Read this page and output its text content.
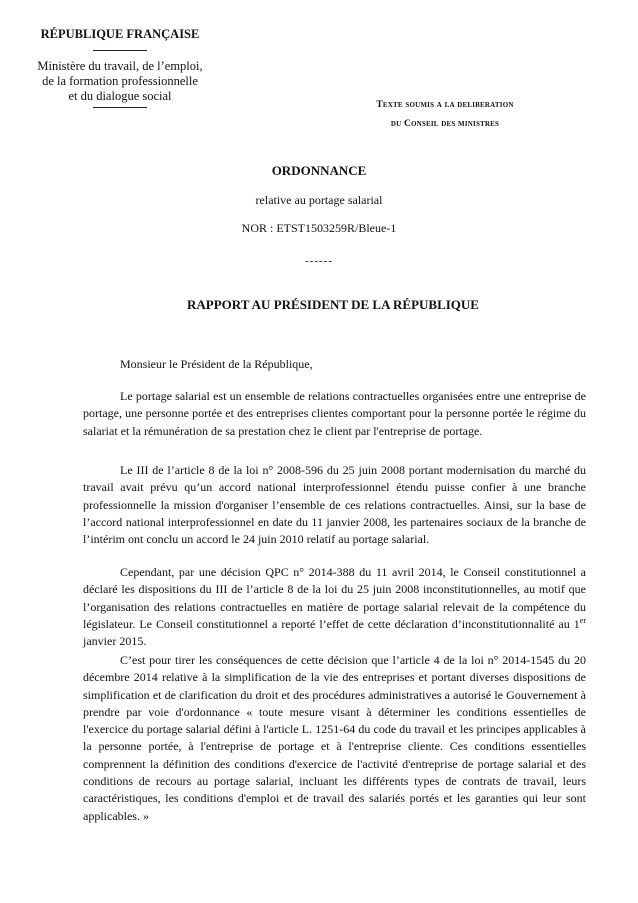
RÉPUBLIQUE FRANÇAISE
Ministère du travail, de l’emploi,
de la formation professionnelle
et du dialogue social
Texte soumis a la deliberation
du Conseil des ministres
ORDONNANCE
relative au portage salarial
NOR : ETST1503259R/Bleue-1
------
RAPPORT AU PRÉSIDENT DE LA RÉPUBLIQUE

Monsieur le Président de la République,

Le portage salarial est un ensemble de relations contractuelles organisées entre une entreprise de portage, une personne portée et des entreprises clientes comportant pour la personne portée le régime du salariat et la rémunération de sa prestation chez le client par l'entreprise de portage.

Le III de l’article 8 de la loi n° 2008-596 du 25 juin 2008 portant modernisation du marché du travail avait prévu qu’un accord national interprofessionnel étendu puisse confier à une branche professionnelle la mission d'organiser l’ensemble de ces relations contractuelles. Ainsi, sur la base de l’accord national interprofessionnel en date du 11 janvier 2008, les partenaires sociaux de la branche de l’intérim ont conclu un accord le 24 juin 2010 relatif au portage salarial.

Cependant, par une décision QPC n° 2014-388 du 11 avril 2014, le Conseil constitutionnel a déclaré les dispositions du III de l’article 8 de la loi du 25 juin 2008 inconstitutionnelles, au motif que l’organisation des relations contractuelles en matière de portage salarial relevait de la compétence du législateur. Le Conseil constitutionnel a reporté l’effet de cette déclaration d’inconstitutionnalité au 1er janvier 2015.

C’est pour tirer les conséquences de cette décision que l’article 4 de la loi n° 2014-1545 du 20 décembre 2014 relative à la simplification de la vie des entreprises et portant diverses dispositions de simplification et de clarification du droit et des procédures administratives a autorisé le Gouvernement à prendre par voie d'ordonnance « toute mesure visant à déterminer les conditions essentielles de l'exercice du portage salarial défini à l'article L. 1251-64 du code du travail et les principes applicables à la personne portée, à l'entreprise de portage et à l'entreprise cliente. Ces conditions essentielles comprennent la définition des conditions d'exercice de l'activité d'entreprise de portage salarial et des conditions de recours au portage salarial, incluant les différents types de contrats de travail, leurs caractéristiques, les conditions d'emploi et de travail des salariés portés et les garanties qui leur sont applicables. »
